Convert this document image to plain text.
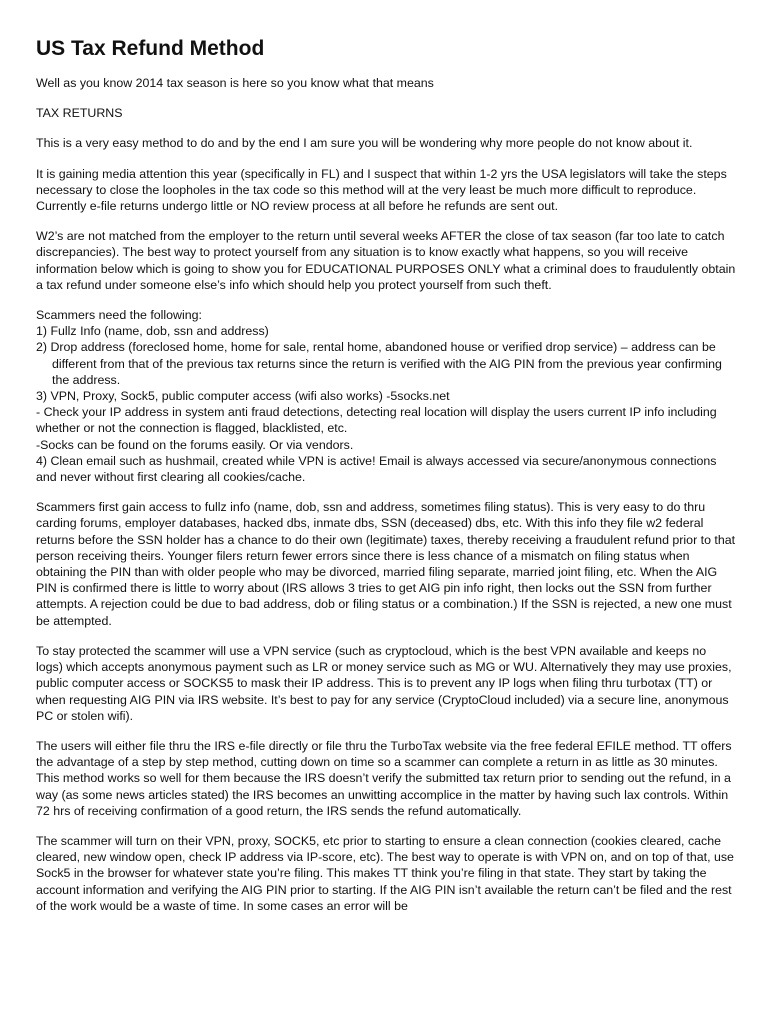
US Tax Refund Method

Well as you know 2014 tax season is here so you know what that means

TAX RETURNS

This is a very easy method to do and by the end I am sure you will be wondering why more people do not know about it.

It is gaining media attention this year (specifically in FL) and I suspect that within 1-2 yrs the USA legislators will take the steps necessary to close the loopholes in the tax code so this method will at the very least be much more difficult to reproduce. Currently e-file returns undergo little or NO review process at all before he refunds are sent out.

W2’s are not matched from the employer to the return until several weeks AFTER the close of tax season (far too late to catch discrepancies). The best way to protect yourself from any situation is to know exactly what happens, so you will receive information below which is going to show you for EDUCATIONAL PURPOSES ONLY what a criminal does to fraudulently obtain a tax refund under someone else’s info which should help you protect yourself from such theft.

Scammers need the following:
1) Fullz Info (name, dob, ssn and address)
2) Drop address (foreclosed home, home for sale, rental home, abandoned house or verified drop service) – address can be different from that of the previous tax returns since the return is verified with the AIG PIN from the previous year confirming the address.
3) VPN, Proxy, Sock5, public computer access (wifi also works) -5socks.net
- Check your IP address in system anti fraud detections, detecting real location will display the users current IP info including whether or not the connection is flagged, blacklisted, etc.
-Socks can be found on the forums easily. Or via vendors.
4) Clean email such as hushmail, created while VPN is active! Email is always accessed via secure/anonymous connections and never without first clearing all cookies/cache.

Scammers first gain access to fullz info (name, dob, ssn and address, sometimes filing status). This is very easy to do thru carding forums, employer databases, hacked dbs, inmate dbs, SSN (deceased) dbs, etc. With this info they file w2 federal returns before the SSN holder has a chance to do their own (legitimate) taxes, thereby receiving a fraudulent refund prior to that person receiving theirs. Younger filers return fewer errors since there is less chance of a mismatch on filing status when obtaining the PIN than with older people who may be divorced, married filing separate, married joint filing, etc. When the AIG PIN is confirmed there is little to worry about (IRS allows 3 tries to get AIG pin info right, then locks out the SSN from further attempts. A rejection could be due to bad address, dob or filing status or a combination.) If the SSN is rejected, a new one must be attempted.

To stay protected the scammer will use a VPN service (such as cryptocloud, which is the best VPN available and keeps no logs) which accepts anonymous payment such as LR or money service such as MG or WU. Alternatively they may use proxies, public computer access or SOCKS5 to mask their IP address. This is to prevent any IP logs when filing thru turbotax (TT) or when requesting AIG PIN via IRS website. It’s best to pay for any service (CryptoCloud included) via a secure line, anonymous PC or stolen wifi).

The users will either file thru the IRS e-file directly or file thru the TurboTax website via the free federal EFILE method. TT offers the advantage of a step by step method, cutting down on time so a scammer can complete a return in as little as 30 minutes. This method works so well for them because the IRS doesn’t verify the submitted tax return prior to sending out the refund, in a way (as some news articles stated) the IRS becomes an unwitting accomplice in the matter by having such lax controls. Within 72 hrs of receiving confirmation of a good return, the IRS sends the refund automatically.

The scammer will turn on their VPN, proxy, SOCK5, etc prior to starting to ensure a clean connection (cookies cleared, cache cleared, new window open, check IP address via IP-score, etc). The best way to operate is with VPN on, and on top of that, use Sock5 in the browser for whatever state you’re filing. This makes TT think you’re filing in that state. They start by taking the account information and verifying the AIG PIN prior to starting. If the AIG PIN isn’t available the return can’t be filed and the rest of the work would be a waste of time. In some cases an error will be
